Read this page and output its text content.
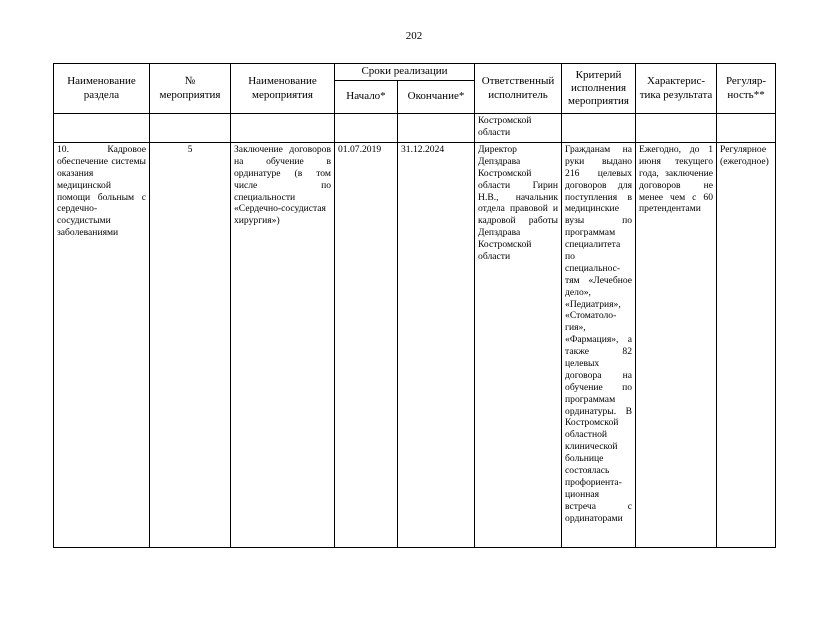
202
Наименование раздела	№ мероприятия	Наименование мероприятия	Сроки реализации		Ответственный исполнитель	Критерий исполнения мероприятия	Характерис-тика результата	Регуляр-ность**
			Начало*	Окончание*				
					Костромской области			
10. Кадровое обеспечение системы оказания медицинской помощи больным с сердечно-сосудистыми заболеваниями	5	Заключение договоров на обучение в ординатуре (в том числе по специальности «Сердечно-сосудистая хирургия»)	01.07.2019	31.12.2024	Директор Депздрава Костромской области Гирин Н.В., начальник отдела правовой и кадровой работы Депздрава Костромской области	Гражданам на руки выдано 216 целевых договоров для поступления в медицинские вузы по программам специалитета по специальнос-тям «Лечебное дело», «Педиатрия», «Стоматоло-гия», «Фармация», а также 82 целевых договора на обучение по программам ординатуры. В Костромской областной клинической больнице состоялась профориента-ционная встреча с ординаторами	Ежегодно, до 1 июня текущего года, заключение договоров не менее чем с 60 претендентами	Регулярное (ежегодное)
